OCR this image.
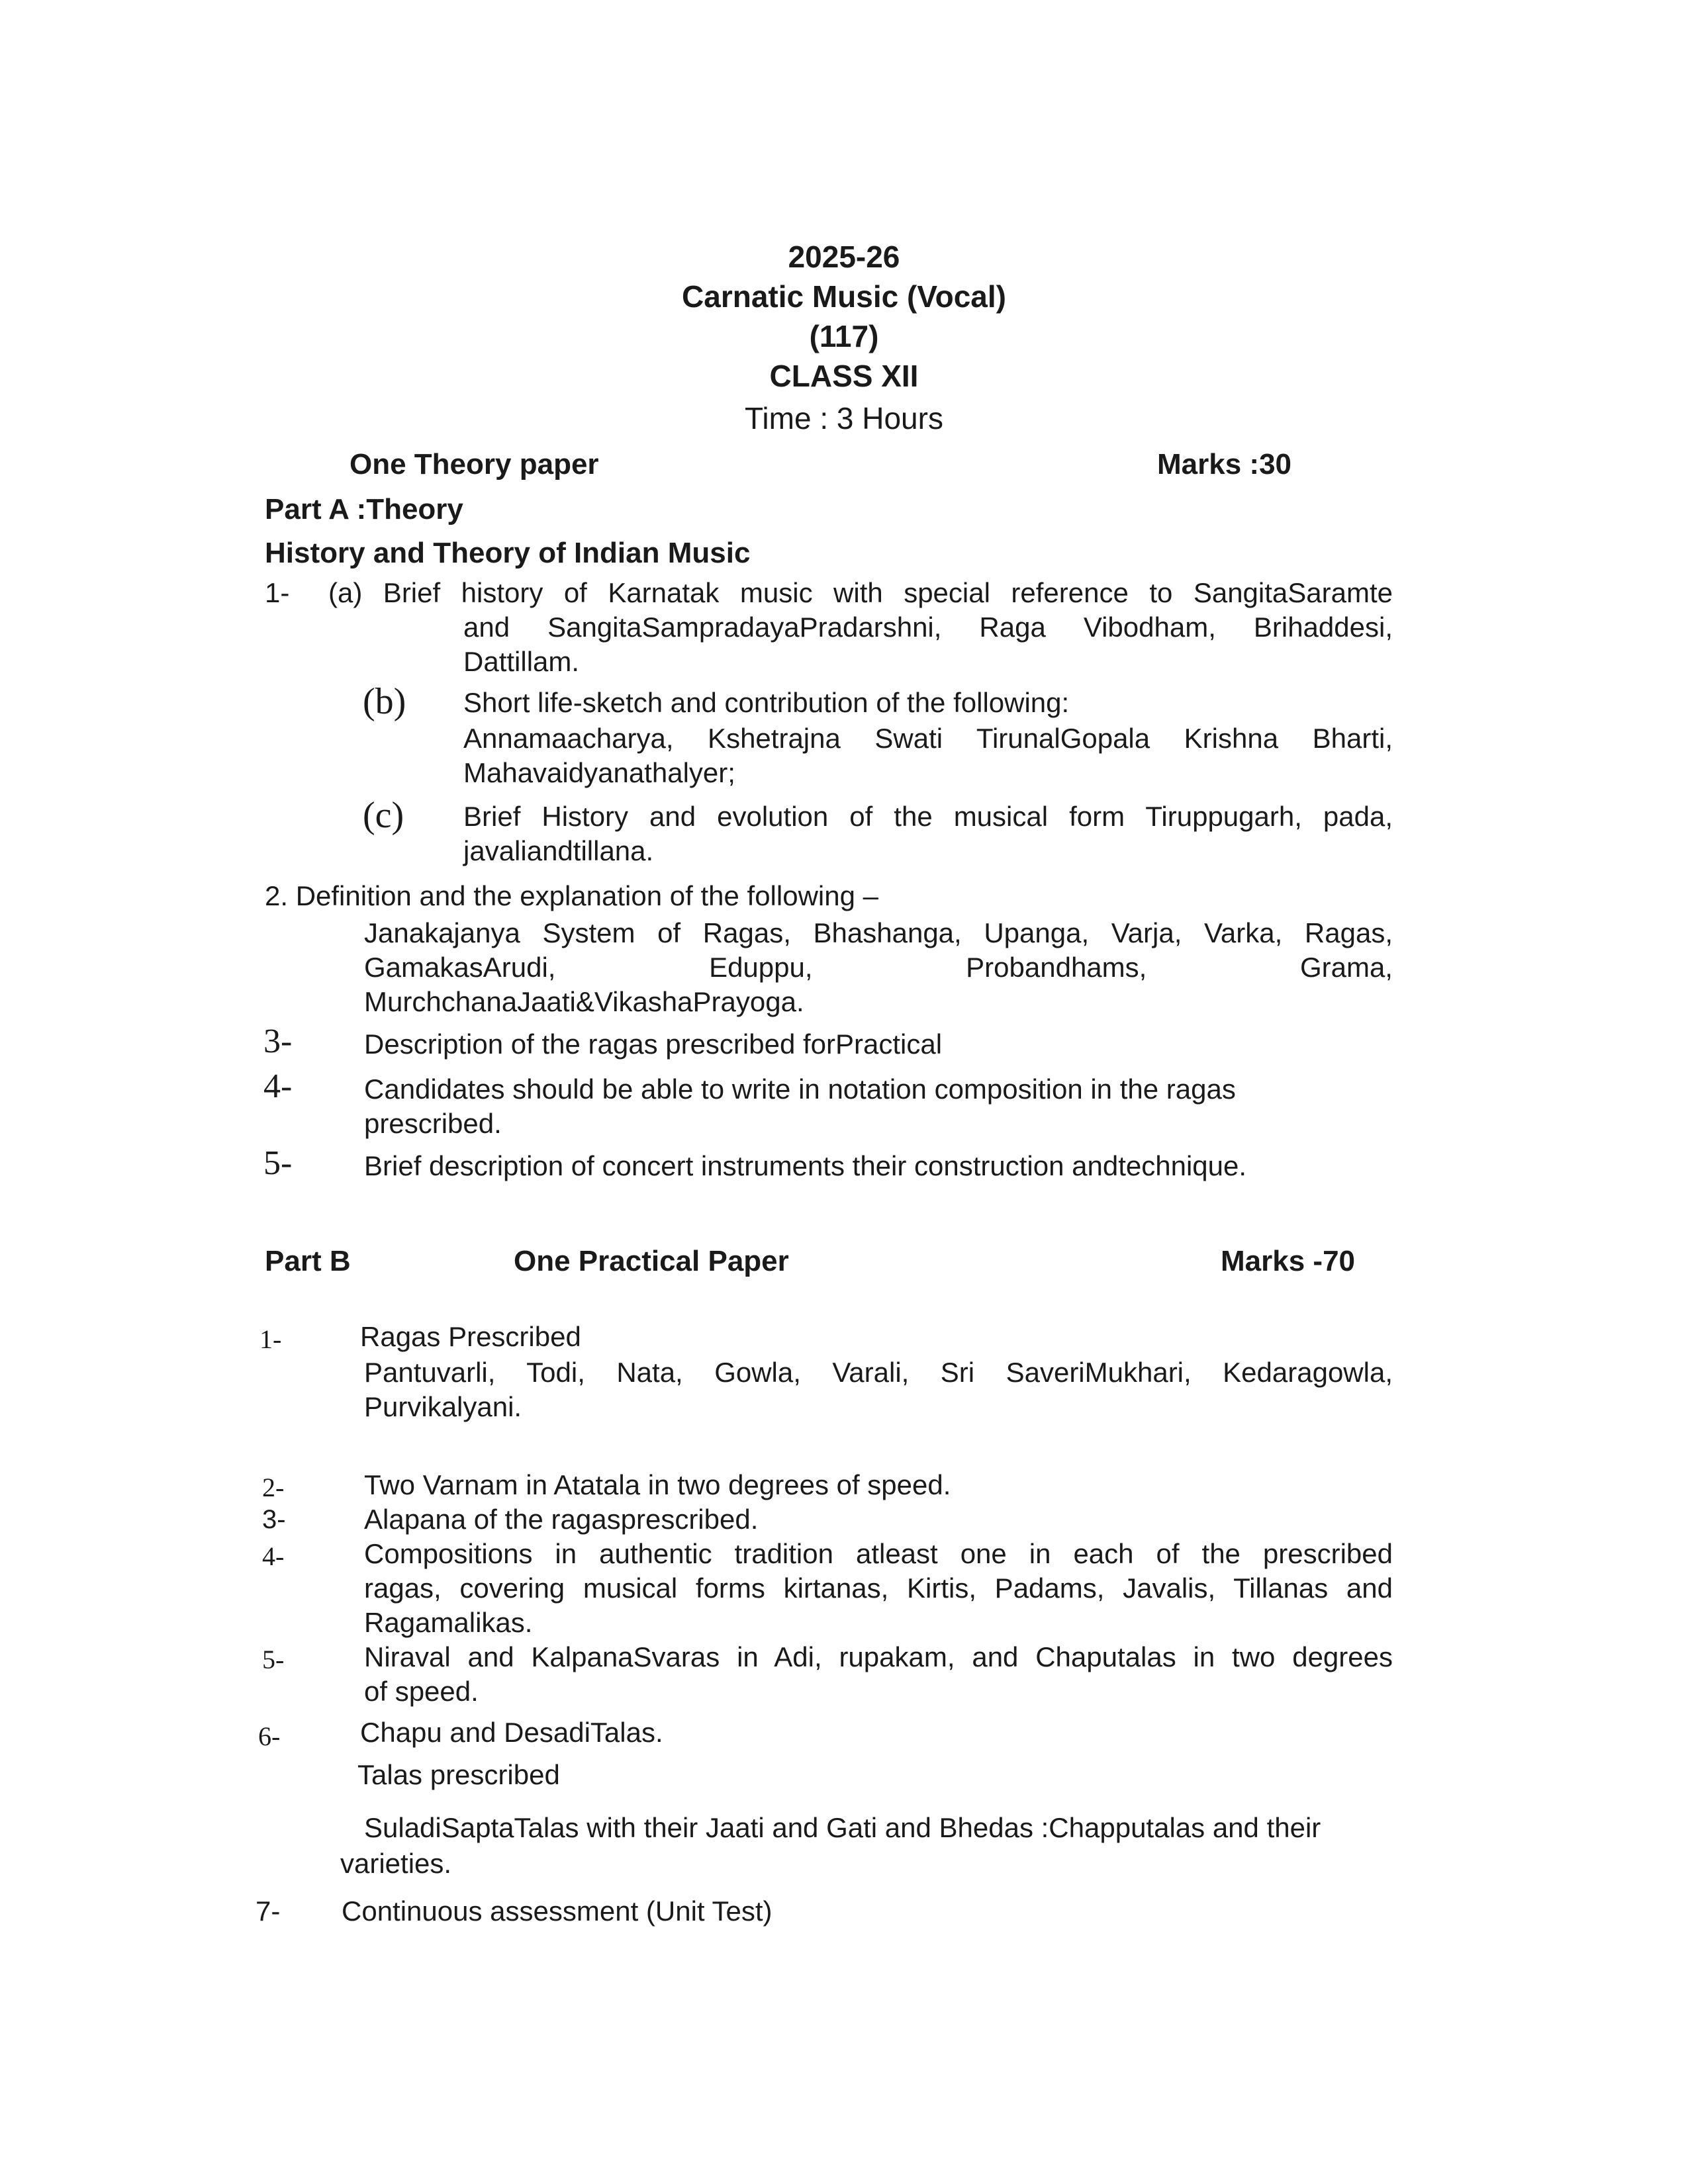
2025-26
Carnatic Music (Vocal)
(117)
CLASS XII
Time : 3 Hours
One Theory paper	Marks :30
Part A :Theory
History and Theory of Indian Music
1- (a) Brief history of Karnatak music with special reference to SangitaSaramte
and SangitaSampradayaPradarshni, Raga Vibodham, Brihaddesi,
Dattillam.
(b) Short life-sketch and contribution of the following:
Annamaacharya, Kshetrajna Swati TirunalGopala Krishna Bharti,
Mahavaidyanathalyer;
(c) Brief History and evolution of the musical form Tiruppugarh, pada,
javaliandtillana.
2. Definition and the explanation of the following –
Janakajanya System of Ragas, Bhashanga, Upanga, Varja, Varka, Ragas,
GamakasArudi,	Eduppu,	Probandhams,	Grama,
MurchchanaJaati&VikashaPrayoga.
3-	Description of the ragas prescribed forPractical
4-	Candidates should be able to write in notation composition in the ragas
prescribed.
5-	Brief description of concert instruments their construction andtechnique.
Part B	One Practical Paper	Marks -70
1-	Ragas Prescribed
Pantuvarli, Todi, Nata, Gowla, Varali, Sri SaveriMukhari, Kedaragowla,
Purvikalyani.
2-	Two Varnam in Atatala in two degrees of speed.
3-	Alapana of the ragasprescribed.
4-	Compositions in authentic tradition atleast one in each of the prescribed
ragas, covering musical forms kirtanas, Kirtis, Padams, Javalis, Tillanas and
Ragamalikas.
5-	Niraval and KalpanaSvaras in Adi, rupakam, and Chaputalas in two degrees
of speed.
6-	Chapu and DesadiTalas.
Talas prescribed
SuladiSaptaTalas with their Jaati and Gati and Bhedas :Chapputalas and their
varieties.
7- Continuous assessment (Unit Test)
